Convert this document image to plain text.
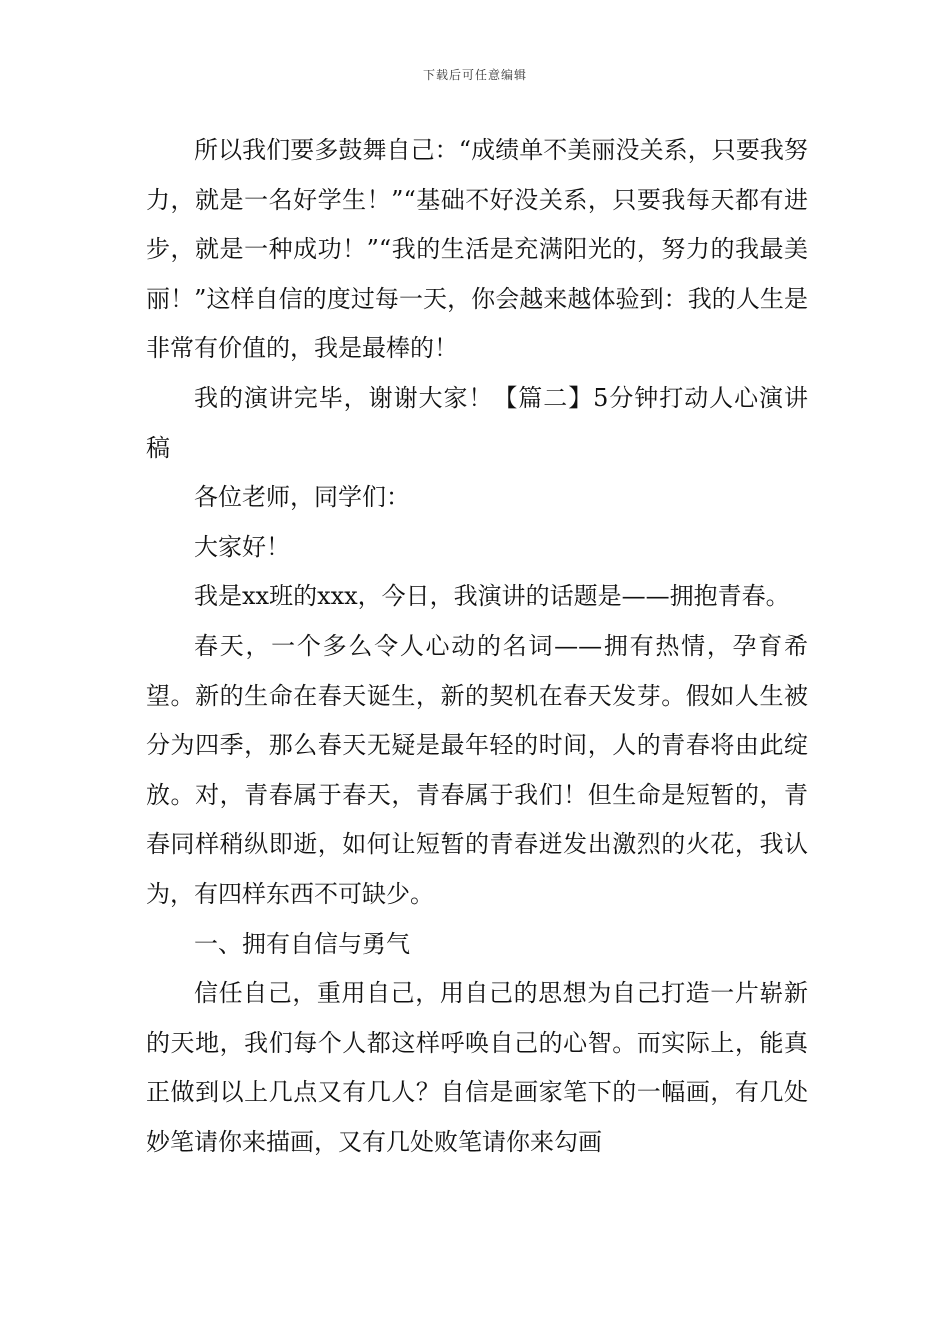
下载后可任意编辑

所以我们要多鼓舞自己：“成绩单不美丽没关系，只要我努力，就是一名好学生！”“基础不好没关系，只要我每天都有进步，就是一种成功！”“我的生活是充满阳光的，努力的我最美丽！”这样自信的度过每一天，你会越来越体验到：我的人生是非常有价值的，我是最棒的！

我的演讲完毕，谢谢大家！【篇二】5分钟打动人心演讲稿

各位老师，同学们：

大家好！

我是xx班的xxx，今日，我演讲的话题是——拥抱青春。

春天，一个多么令人心动的名词——拥有热情，孕育希望。新的生命在春天诞生，新的契机在春天发芽。假如人生被分为四季，那么春天无疑是最年轻的时间，人的青春将由此绽放。对，青春属于春天，青春属于我们！但生命是短暂的，青春同样稍纵即逝，如何让短暂的青春迸发出激烈的火花，我认为，有四样东西不可缺少。

一、拥有自信与勇气

信任自己，重用自己，用自己的思想为自己打造一片崭新的天地，我们每个人都这样呼唤自己的心智。而实际上，能真正做到以上几点又有几人？自信是画家笔下的一幅画，有几处妙笔请你来描画，又有几处败笔请你来勾画
